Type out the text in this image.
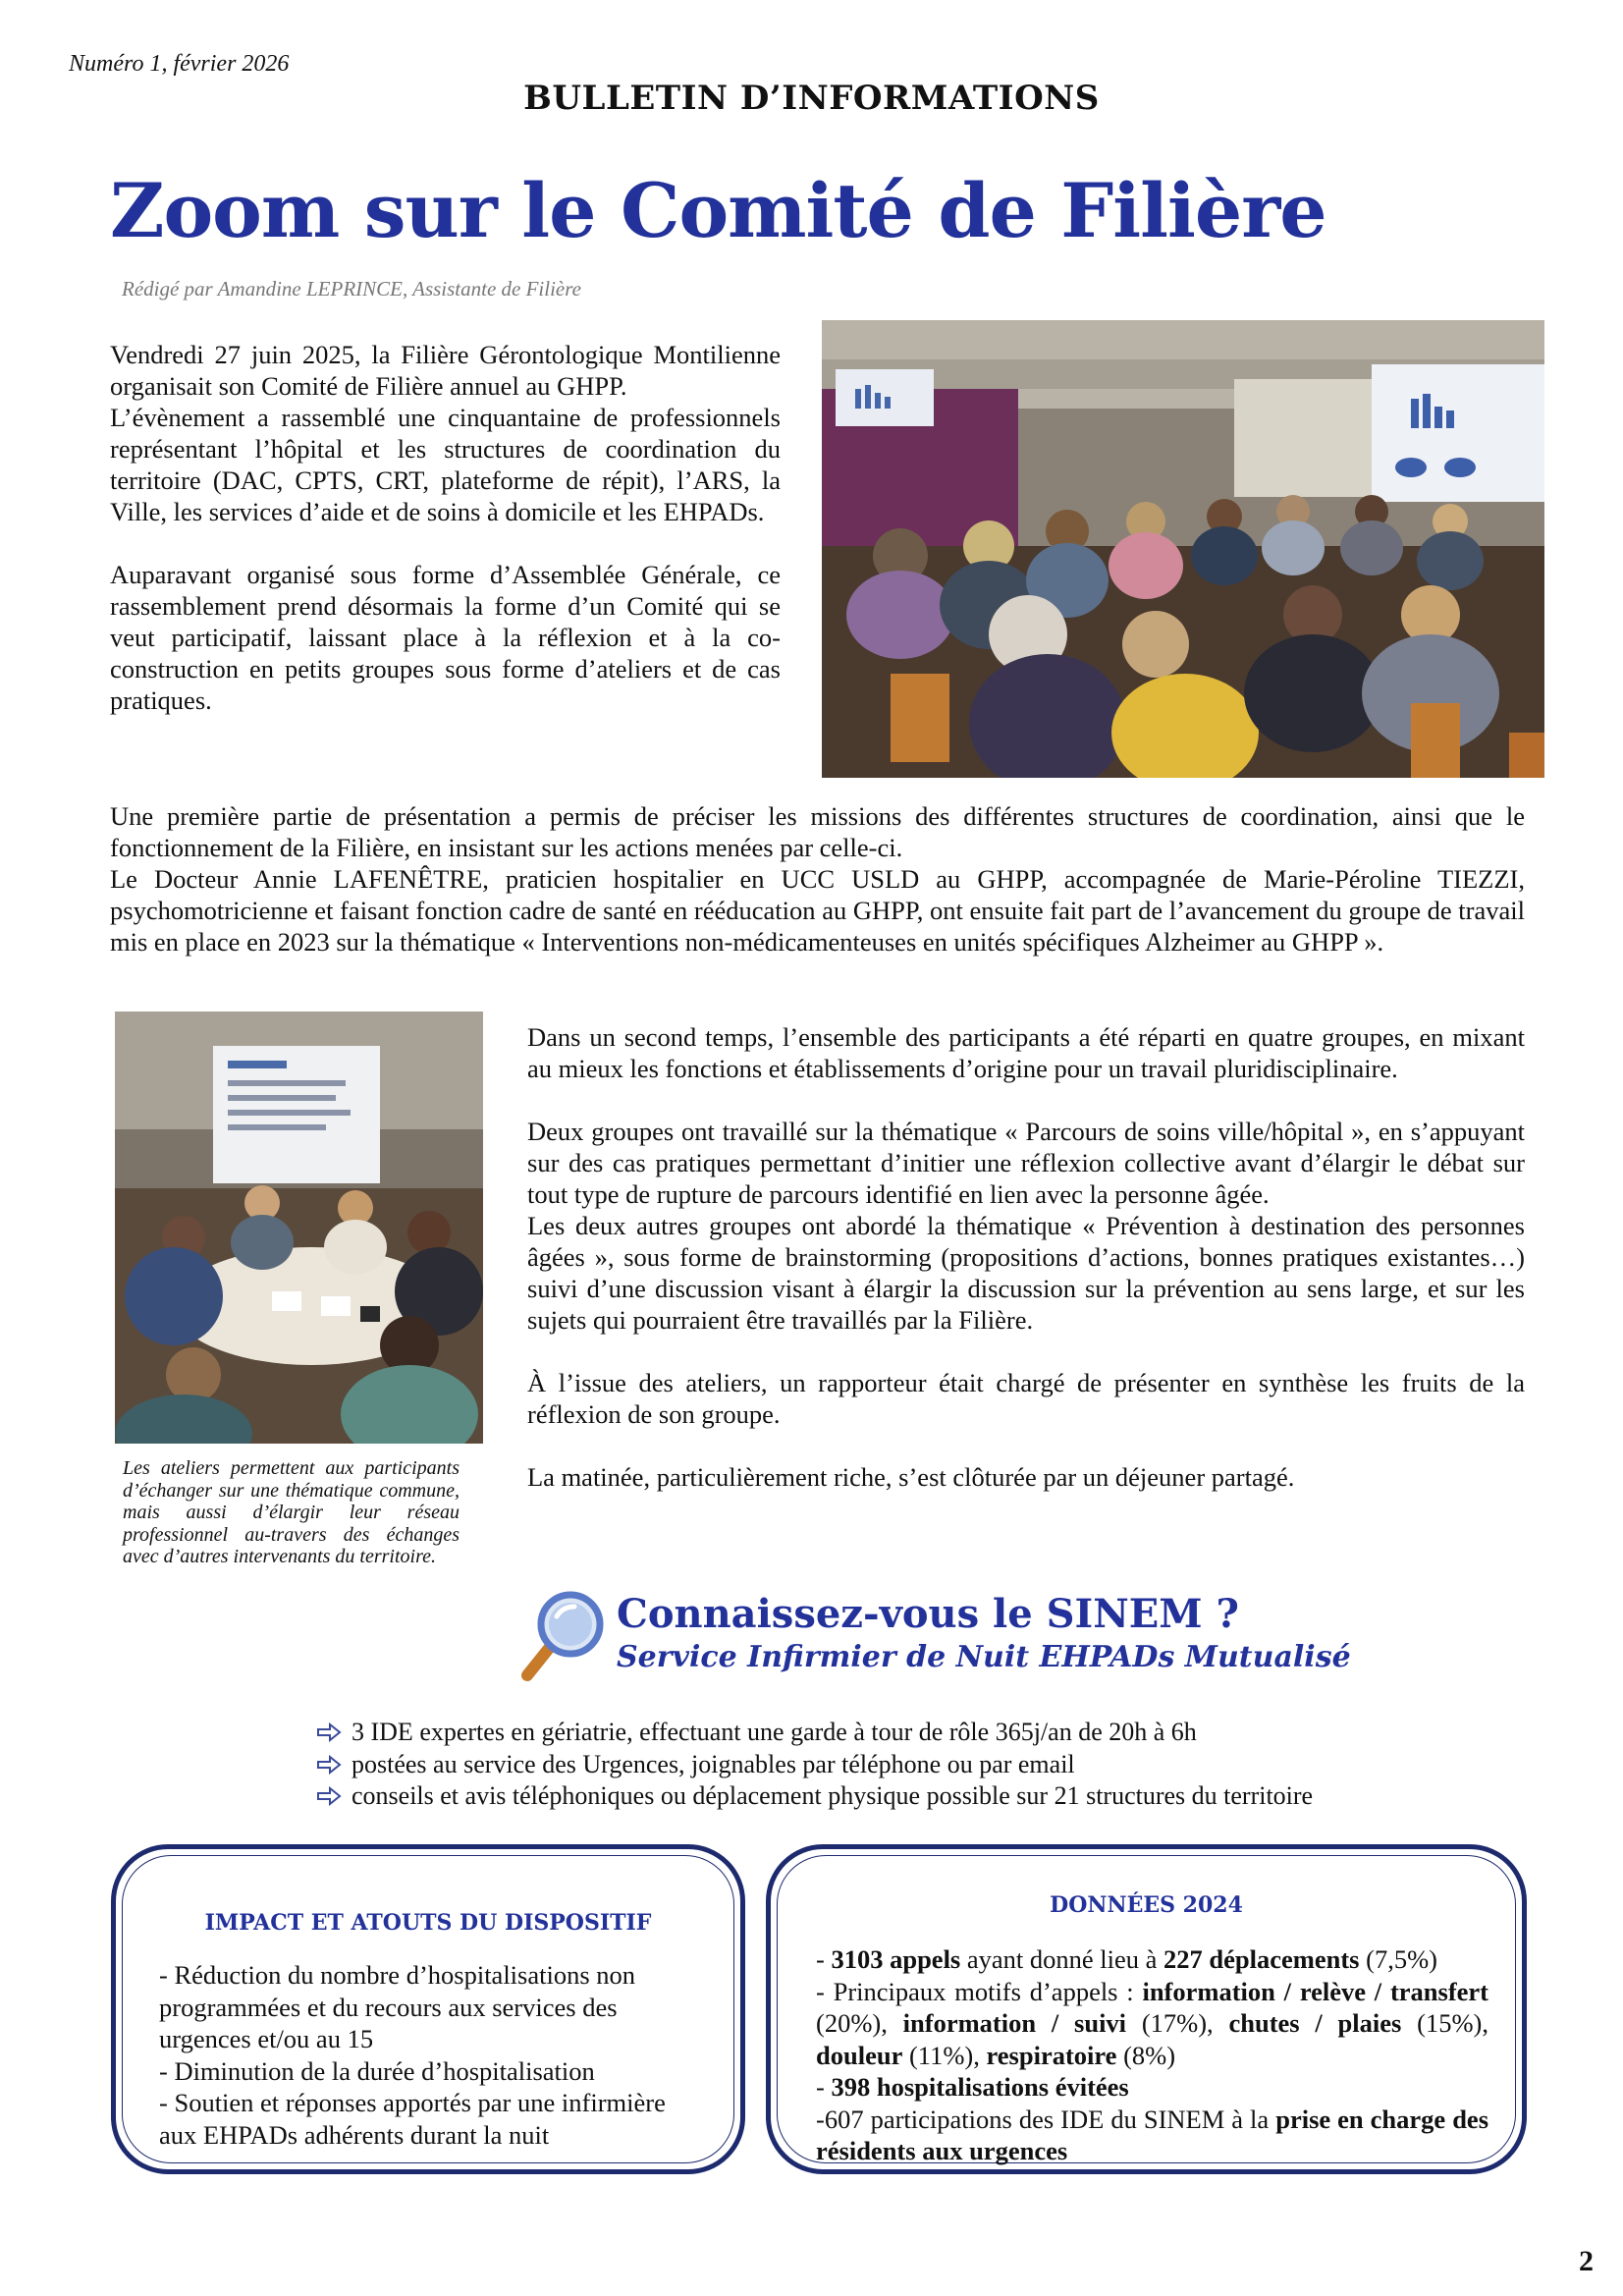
Numéro 1, février 2026
BULLETIN D’INFORMATIONS
Zoom sur le Comité de Filière
Rédigé par Amandine LEPRINCE, Assistante de Filière

Vendredi 27 juin 2025, la Filière Gérontologique Montilienne organisait son Comité de Filière annuel au GHPP.

L’évènement a rassemblé une cinquantaine de professionnels représentant l’hôpital et les structures de coordination du territoire (DAC, CPTS, CRT, plateforme de répit), l’ARS, la Ville, les services d’aide et de soins à domicile et les EHPADs.

Auparavant organisé sous forme d’Assemblée Générale, ce rassemblement prend désormais la forme d’un Comité qui se veut participatif, laissant place à la réflexion et à la co-construction en petits groupes sous forme d’ateliers et de cas pratiques.

Une première partie de présentation a permis de préciser les missions des différentes structures de coordination, ainsi que le fonctionnement de la Filière, en insistant sur les actions menées par celle-ci.

Le Docteur Annie LAFENÊTRE, praticien hospitalier en UCC USLD au GHPP, accompagnée de Marie-Péroline TIEZZI, psychomotricienne et faisant fonction cadre de santé en rééducation au GHPP, ont ensuite fait part de l’avancement du groupe de travail mis en place en 2023 sur la thématique « Interventions non-médicamenteuses en unités spécifiques Alzheimer au GHPP ».

Les ateliers permettent aux participants d’échanger sur une thématique commune, mais aussi d’élargir leur réseau professionnel au-travers des échanges avec d’autres intervenants du territoire.

Dans un second temps, l’ensemble des participants a été réparti en quatre groupes, en mixant au mieux les fonctions et établissements d’origine pour un travail pluridisciplinaire.

Deux groupes ont travaillé sur la thématique « Parcours de soins ville/hôpital », en s’appuyant sur des cas pratiques permettant d’initier une réflexion collective avant d’élargir le débat sur tout type de rupture de parcours identifié en lien avec la personne âgée.

Les deux autres groupes ont abordé la thématique « Prévention à destination des personnes âgées », sous forme de brainstorming (propositions d’actions, bonnes pratiques existantes…) suivi d’une discussion visant à élargir la discussion sur la prévention au sens large, et sur les sujets qui pourraient être travaillés par la Filière.

À l’issue des ateliers, un rapporteur était chargé de présenter en synthèse les fruits de la réflexion de son groupe.

La matinée, particulièrement riche, s’est clôturée par un déjeuner partagé.

Connaissez-vous le SINEM ?
Service Infirmier de Nuit EHPADs Mutualisé
3 IDE expertes en gériatrie, effectuant une garde à tour de rôle 365j/an de 20h à 6h
postées au service des Urgences, joignables par téléphone ou par email
conseils et avis téléphoniques ou déplacement physique possible sur 21 structures du territoire
IMPACT ET ATOUTS DU DISPOSITIF
- Réduction du nombre d’hospitalisations non programmées et du recours aux services des urgences et/ou au 15
- Diminution de la durée d’hospitalisation
- Soutien et réponses apportés par une infirmière aux EHPADs adhérents durant la nuit
DONNÉES 2024
- 3103 appels ayant donné lieu à 227 déplacements (7,5%)
- Principaux motifs d’appels : information / relève / transfert (20%), information / suivi (17%), chutes / plaies (15%), douleur (11%), respiratoire (8%)
- 398 hospitalisations évitées
-607 participations des IDE du SINEM à la prise en charge des résidents aux urgences
2
